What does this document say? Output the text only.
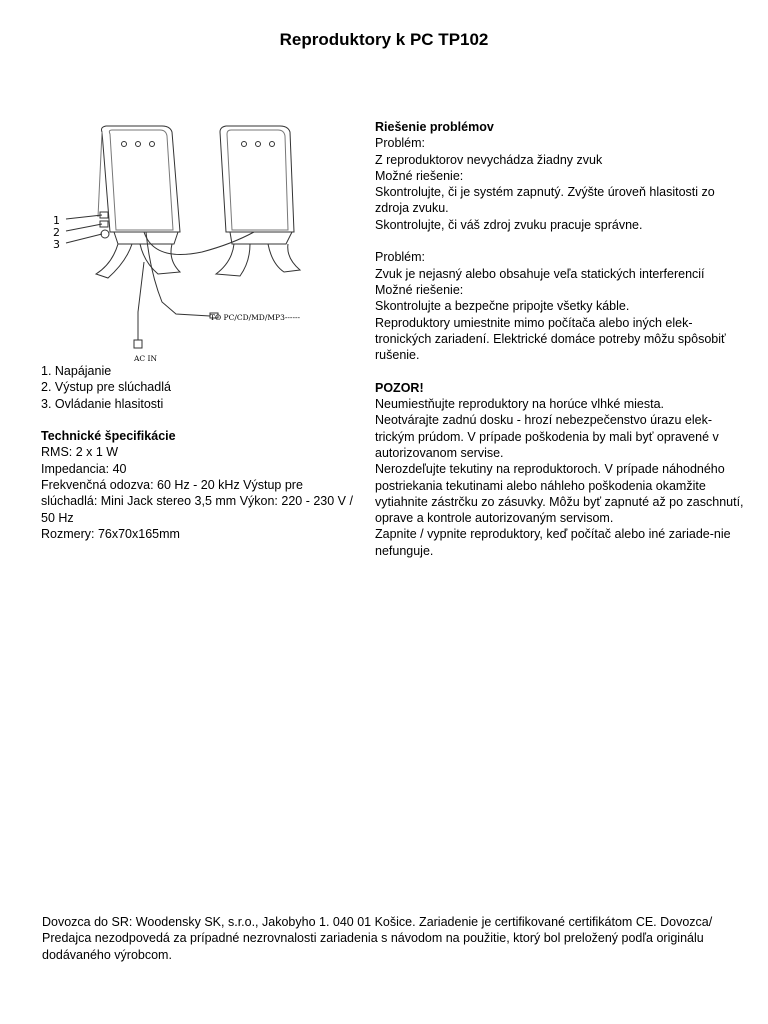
Reproduktory k PC TP102
1
2
3
TO PC/CD/MD/MP3------
AC IN

1. Napájanie

2. Výstup pre slúchadlá

3. Ovládanie hlasitosti

Technické špecifikácie

RMS: 2 x 1 W

Impedancia: 40

Frekvenčná odozva: 60 Hz - 20 kHz Výstup pre slúchadlá: Mini Jack stereo 3,5 mm Výkon: 220 - 230 V / 50 Hz

Rozmery: 76x70x165mm

Riešenie problémov

Problém:

Z reproduktorov nevychádza žiadny zvuk

Možné riešenie:

Skontrolujte, či je systém zapnutý. Zvýšte úroveň hlasitosti zo zdroja zvuku.

Skontrolujte, či váš zdroj zvuku pracuje správne.

Problém:

Zvuk je nejasný alebo obsahuje veľa statických interferencií

Možné riešenie:

Skontrolujte a bezpečne pripojte všetky káble.

Reproduktory umiestnite mimo počítača alebo iných elek-tronických zariadení. Elektrické domáce potreby môžu spôsobiť rušenie.

POZOR!

Neumiestňujte reproduktory na horúce vlhké miesta.

Neotvárajte zadnú dosku - hrozí nebezpečenstvo úrazu elek-trickým prúdom. V prípade poškodenia by mali byť opravené v autorizovanom servise.

Nerozdeľujte tekutiny na reproduktoroch. V prípade náhodného postriekania tekutinami alebo náhleho poškodenia okamžite vytiahnite zástrčku zo zásuvky. Môžu byť zapnuté až po zaschnutí, oprave a kontrole autorizovaným servisom.

Zapnite / vypnite reproduktory, keď počítač alebo iné zariade-nie nefunguje.

Dovozca do SR: Woodensky SK, s.r.o., Jakobyho 1. 040 01 Košice. Zariadenie je certifikované certifikátom CE. Dovozca/ Predajca nezodpovedá za prípadné nezrovnalosti zariadenia s návodom na použitie, ktorý bol preložený podľa originálu dodávaného výrobcom.
